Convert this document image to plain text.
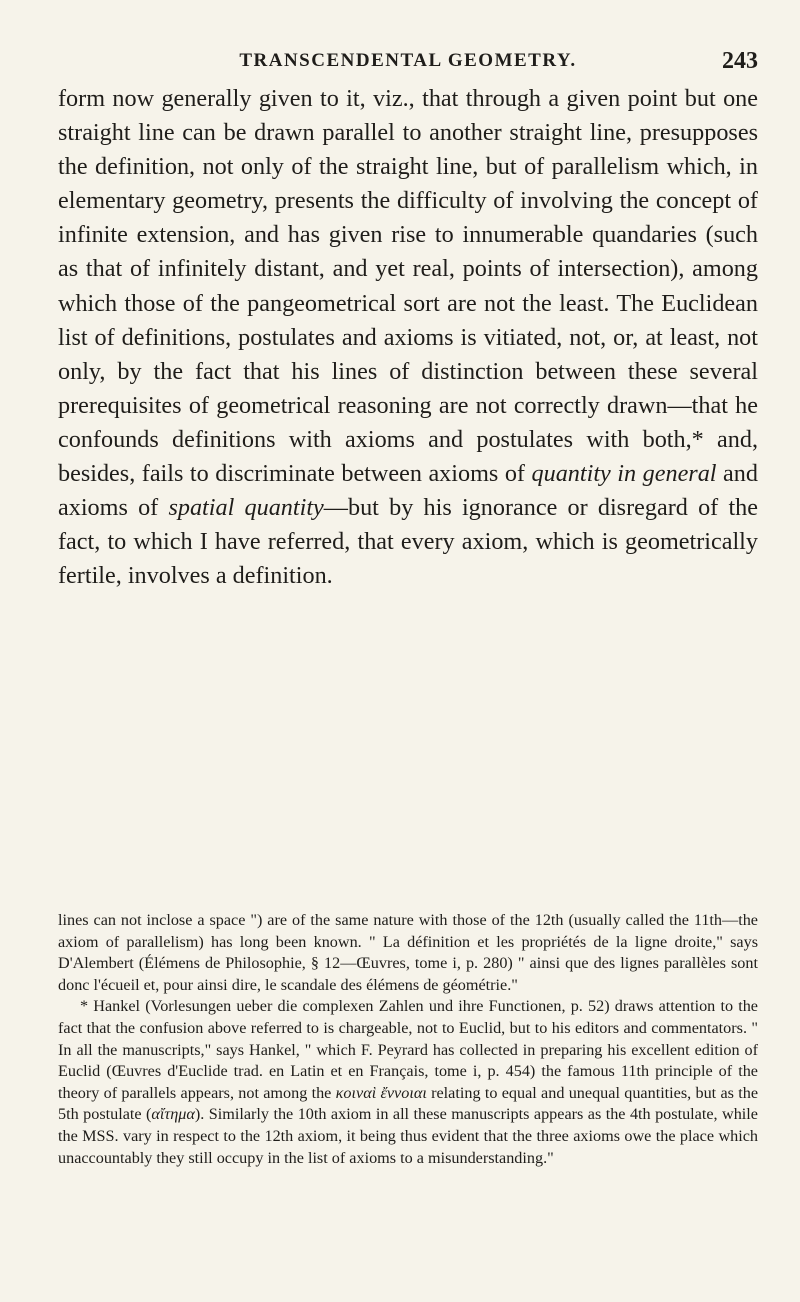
TRANSCENDENTAL GEOMETRY.	243

form now generally given to it, viz., that through a given point but one straight line can be drawn parallel to another straight line, presupposes the definition, not only of the straight line, but of parallelism which, in elementary geometry, presents the difficulty of involving the concept of infinite extension, and has given rise to innumerable quandaries (such as that of infinitely distant, and yet real, points of intersection), among which those of the pangeometrical sort are not the least. The Euclidean list of definitions, postulates and axioms is vitiated, not, or, at least, not only, by the fact that his lines of distinction between these several prerequisites of geometrical reasoning are not correctly drawn—that he confounds definitions with axioms and postulates with both,* and, besides, fails to discriminate between axioms of quantity in general and axioms of spatial quantity—but by his ignorance or disregard of the fact, to which I have referred, that every axiom, which is geometrically fertile, involves a definition.

lines can not inclose a space ") are of the same nature with those of the 12th (usually called the 11th—the axiom of parallelism) has long been known. " La définition et les propriétés de la ligne droite," says D'Alembert (Élémens de Philosophie, § 12—Œuvres, tome i, p. 280) " ainsi que des lignes parallèles sont donc l'écueil et, pour ainsi dire, le scandale des élémens de géométrie."

* Hankel (Vorlesungen ueber die complexen Zahlen und ihre Functionen, p. 52) draws attention to the fact that the confusion above referred to is chargeable, not to Euclid, but to his editors and commentators. " In all the manuscripts," says Hankel, " which F. Peyrard has collected in preparing his excellent edition of Euclid (Œuvres d'Euclide trad. en Latin et en Français, tome i, p. 454) the famous 11th principle of the theory of parallels appears, not among the κοιναὶ ἔννοιαι relating to equal and unequal quantities, but as the 5th postulate (αἴτημα). Similarly the 10th axiom in all these manuscripts appears as the 4th postulate, while the MSS. vary in respect to the 12th axiom, it being thus evident that the three axioms owe the place which unaccountably they still occupy in the list of axioms to a misunderstanding."
